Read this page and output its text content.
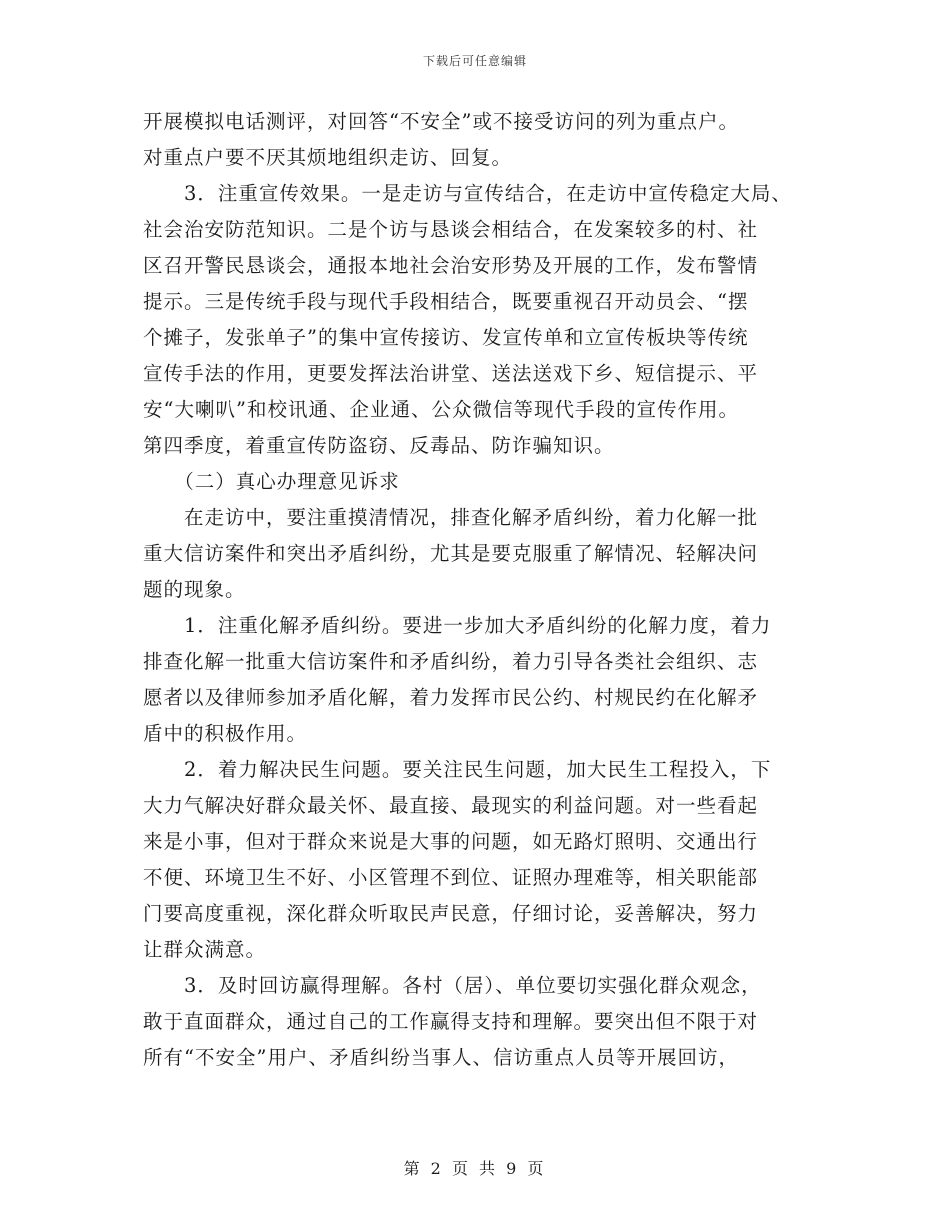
下载后可任意编辑
开展模拟电话测评，对回答“不安全”或不接受访问的列为重点户。
对重点户要不厌其烦地组织走访、回复。
　　3．注重宣传效果。一是走访与宣传结合，在走访中宣传稳定大局、
社会治安防范知识。二是个访与恳谈会相结合，在发案较多的村、社
区召开警民恳谈会，通报本地社会治安形势及开展的工作，发布警情
提示。三是传统手段与现代手段相结合，既要重视召开动员会、“摆
个摊子，发张单子”的集中宣传接访、发宣传单和立宣传板块等传统
宣传手法的作用，更要发挥法治讲堂、送法送戏下乡、短信提示、平
安“大喇叭”和校讯通、企业通、公众微信等现代手段的宣传作用。
第四季度，着重宣传防盗窃、反毒品、防诈骗知识。
　　（二）真心办理意见诉求
　　在走访中，要注重摸清情况，排查化解矛盾纠纷，着力化解一批
重大信访案件和突出矛盾纠纷，尤其是要克服重了解情况、轻解决问
题的现象。
　　1．注重化解矛盾纠纷。要进一步加大矛盾纠纷的化解力度，着力
排查化解一批重大信访案件和矛盾纠纷，着力引导各类社会组织、志
愿者以及律师参加矛盾化解，着力发挥市民公约、村规民约在化解矛
盾中的积极作用。
　　2．着力解决民生问题。要关注民生问题，加大民生工程投入，下
大力气解决好群众最关怀、最直接、最现实的利益问题。对一些看起
来是小事，但对于群众来说是大事的问题，如无路灯照明、交通出行
不便、环境卫生不好、小区管理不到位、证照办理难等，相关职能部
门要高度重视，深化群众听取民声民意，仔细讨论，妥善解决，努力
让群众满意。
　　3．及时回访赢得理解。各村（居）、单位要切实强化群众观念，
敢于直面群众，通过自己的工作赢得支持和理解。要突出但不限于对
所有“不安全”用户、矛盾纠纷当事人、信访重点人员等开展回访，
第 2 页 共 9 页
